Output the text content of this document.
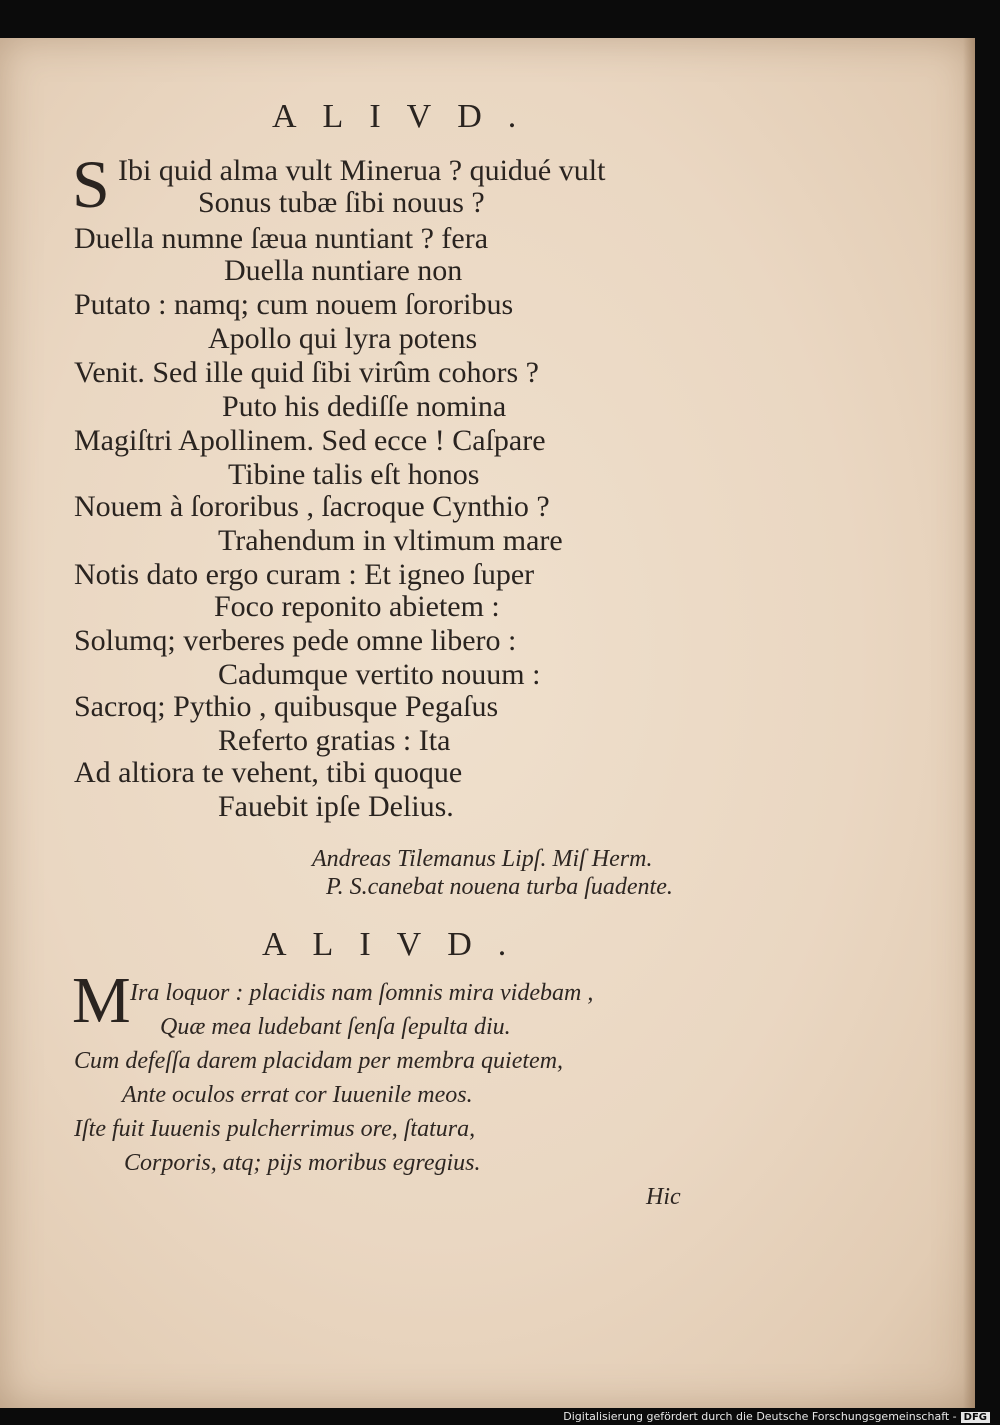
ALIVD.
S Ibi quid alma vult Minerua ? quidué vult
Sonus tubæ ſibi nouus ?
Duella numne ſæua nuntiant ? fera
Duella nuntiare non
Putato : namq; cum nouem ſororibus
Apollo qui lyra potens
Venit. Sed ille quid ſibi virûm cohors ?
Puto his dediſſe nomina
Magiſtri Apollinem. Sed ecce ! Caſpare
Tibine talis eſt honos
Nouem à ſororibus , ſacroque Cynthio ?
Trahendum in vltimum mare
Notis dato ergo curam : Et igneo ſuper
Foco reponito abietem :
Solumq; verberes pede omne libero :
Cadumque vertito nouum :
Sacroq; Pythio , quibusque Pegaſus
Referto gratias : Ita
Ad altiora te vehent, tibi quoque
Fauebit ipſe Delius.
Andreas Tilemanus Lipſ. Miſ Herm.
P. S.canebat nouena turba ſuadente.
ALIVD.
M Ira loquor : placidis nam ſomnis mira videbam ,
Quæ mea ludebant ſenſa ſepulta diu.
Cum defeſſa darem placidam per membra quietem,
Ante oculos errat cor Iuuenile meos.
Iſte fuit Iuuenis pulcherrimus ore, ſtatura,
Corporis, atq; pijs moribus egregius.
Hic
Digitalisierung gefördert durch die Deutsche Forschungsgemeinschaft - DFG
